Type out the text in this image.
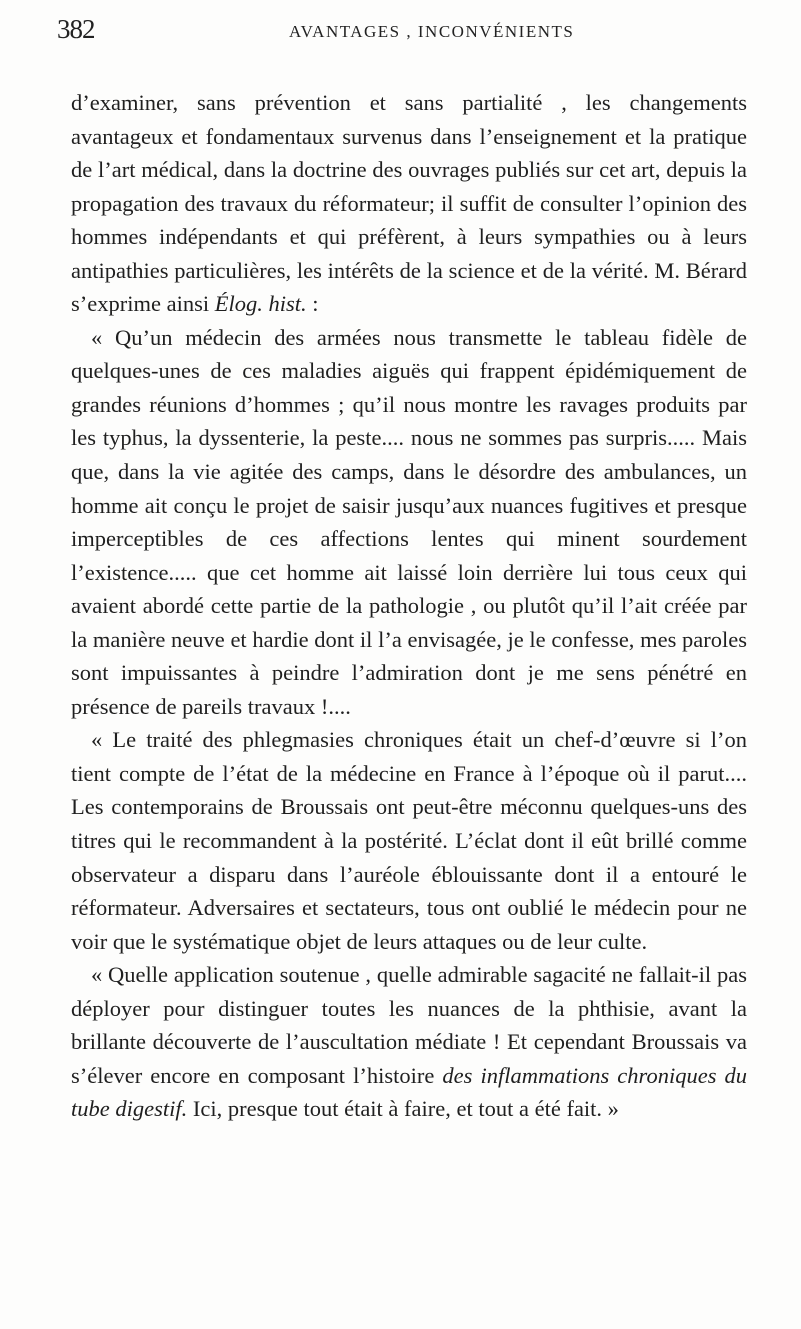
382	AVANTAGES , INCONVÉNIENTS

d’examiner, sans prévention et sans partialité , les changements avantageux et fondamentaux survenus dans l’enseignement et la pratique de l’art médical, dans la doctrine des ouvrages publiés sur cet art, depuis la propagation des travaux du réformateur; il suffit de consulter l’opinion des hommes indépendants et qui préfèrent, à leurs sympathies ou à leurs antipathies particulières, les intérêts de la science et de la vérité. M. Bérard s’exprime ainsi Élog. hist. :

« Qu’un médecin des armées nous transmette le tableau fidèle de quelques-unes de ces maladies aiguës qui frappent épidémiquement de grandes réunions d’hommes ; qu’il nous montre les ravages produits par les typhus, la dyssenterie, la peste.... nous ne sommes pas surpris..... Mais que, dans la vie agitée des camps, dans le désordre des ambulances, un homme ait conçu le projet de saisir jusqu’aux nuances fugitives et presque imperceptibles de ces affections lentes qui minent sourdement l’existence..... que cet homme ait laissé loin derrière lui tous ceux qui avaient abordé cette partie de la pathologie , ou plutôt qu’il l’ait créée par la manière neuve et hardie dont il l’a envisagée, je le confesse, mes paroles sont impuissantes à peindre l’admiration dont je me sens pénétré en présence de pareils travaux !....

« Le traité des phlegmasies chroniques était un chef-d’œuvre si l’on tient compte de l’état de la médecine en France à l’époque où il parut.... Les contemporains de Broussais ont peut-être méconnu quelques-uns des titres qui le recommandent à la postérité. L’éclat dont il eût brillé comme observateur a disparu dans l’auréole éblouissante dont il a entouré le réformateur. Adversaires et sectateurs, tous ont oublié le médecin pour ne voir que le systématique objet de leurs attaques ou de leur culte.

« Quelle application soutenue , quelle admirable sagacité ne fallait-il pas déployer pour distinguer toutes les nuances de la phthisie, avant la brillante découverte de l’auscultation médiate ! Et cependant Broussais va s’élever encore en composant l’histoire des inflammations chroniques du tube digestif. Ici, presque tout était à faire, et tout a été fait. »
